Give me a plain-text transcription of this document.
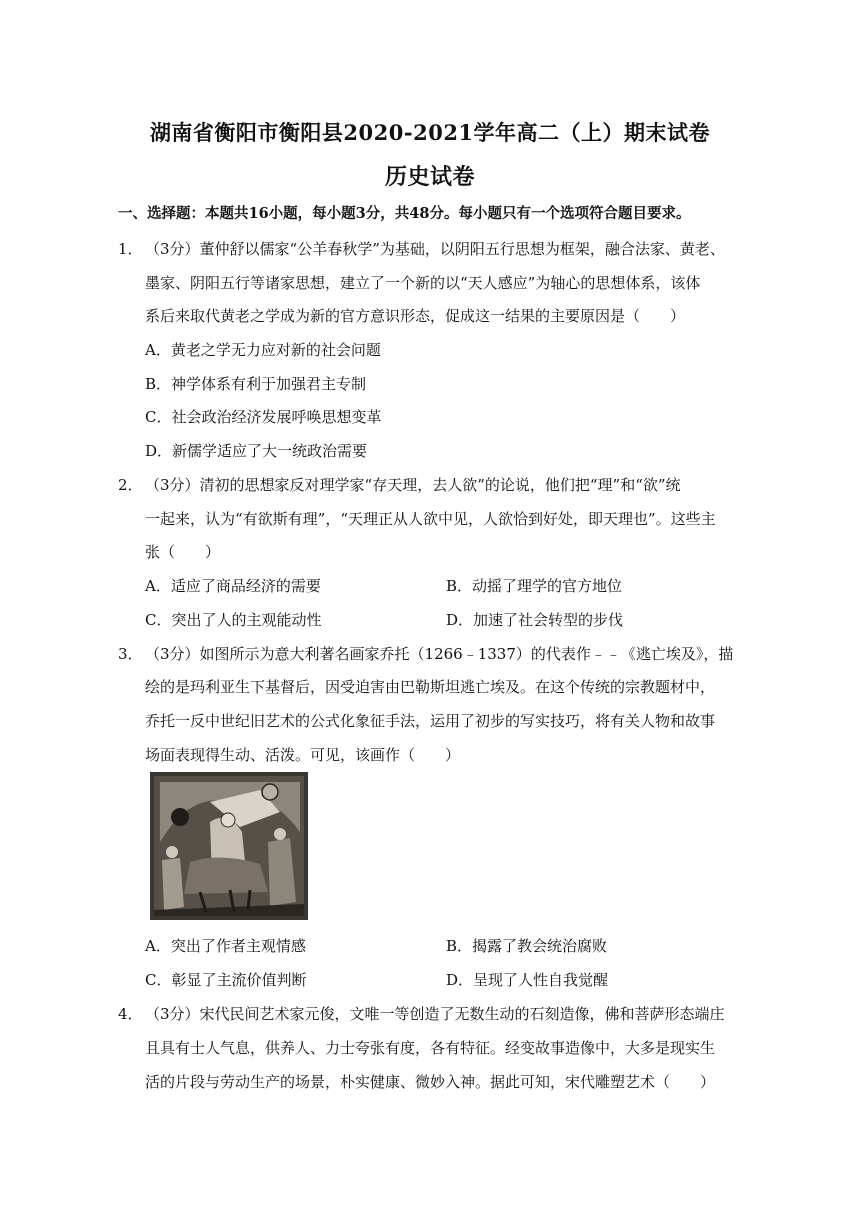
湖南省衡阳市衡阳县2020-2021学年高二（上）期末试卷
历史试卷
一、选择题：本题共16小题，每小题3分，共48分。每小题只有一个选项符合题目要求。
1． （3分）董仲舒以儒家“公羊春秋学”为基础，以阴阳五行思想为框架，融合法家、黄老、
墨家、阴阳五行等诸家思想，建立了一个新的以“天人感应”为轴心的思想体系，该体
系后来取代黄老之学成为新的官方意识形态，促成这一结果的主要原因是（　　）
A．黄老之学无力应对新的社会问题
B．神学体系有利于加强君主专制
C．社会政治经济发展呼唤思想变革
D．新儒学适应了大一统政治需要
2． （3分）清初的思想家反对理学家“存天理，去人欲”的论说，他们把“理”和“欲”统
一起来，认为“有欲斯有理”，“天理正从人欲中见，人欲恰到好处，即天理也”。这些主
张（　　）
A．适应了商品经济的需要	B．动摇了理学的官方地位
C．突出了人的主观能动性	D．加速了社会转型的步伐
3． （3分）如图所示为意大利著名画家乔托（1266﹣1337）的代表作﹣﹣《逃亡埃及》，描
绘的是玛利亚生下基督后，因受迫害由巴勒斯坦逃亡埃及。在这个传统的宗教题材中，
乔托一反中世纪旧艺术的公式化象征手法，运用了初步的写实技巧，将有关人物和故事
场面表现得生动、活泼。可见，该画作（　　）
A．突出了作者主观情感	B．揭露了教会统治腐败
C．彰显了主流价值判断	D．呈现了人性自我觉醒
4． （3分）宋代民间艺术家元俊，文唯一等创造了无数生动的石刻造像，佛和菩萨形态端庄
且具有士人气息，供养人、力士夸张有度，各有特征。经变故事造像中，大多是现实生
活的片段与劳动生产的场景，朴实健康、微妙入神。据此可知，宋代雕塑艺术（　　）
